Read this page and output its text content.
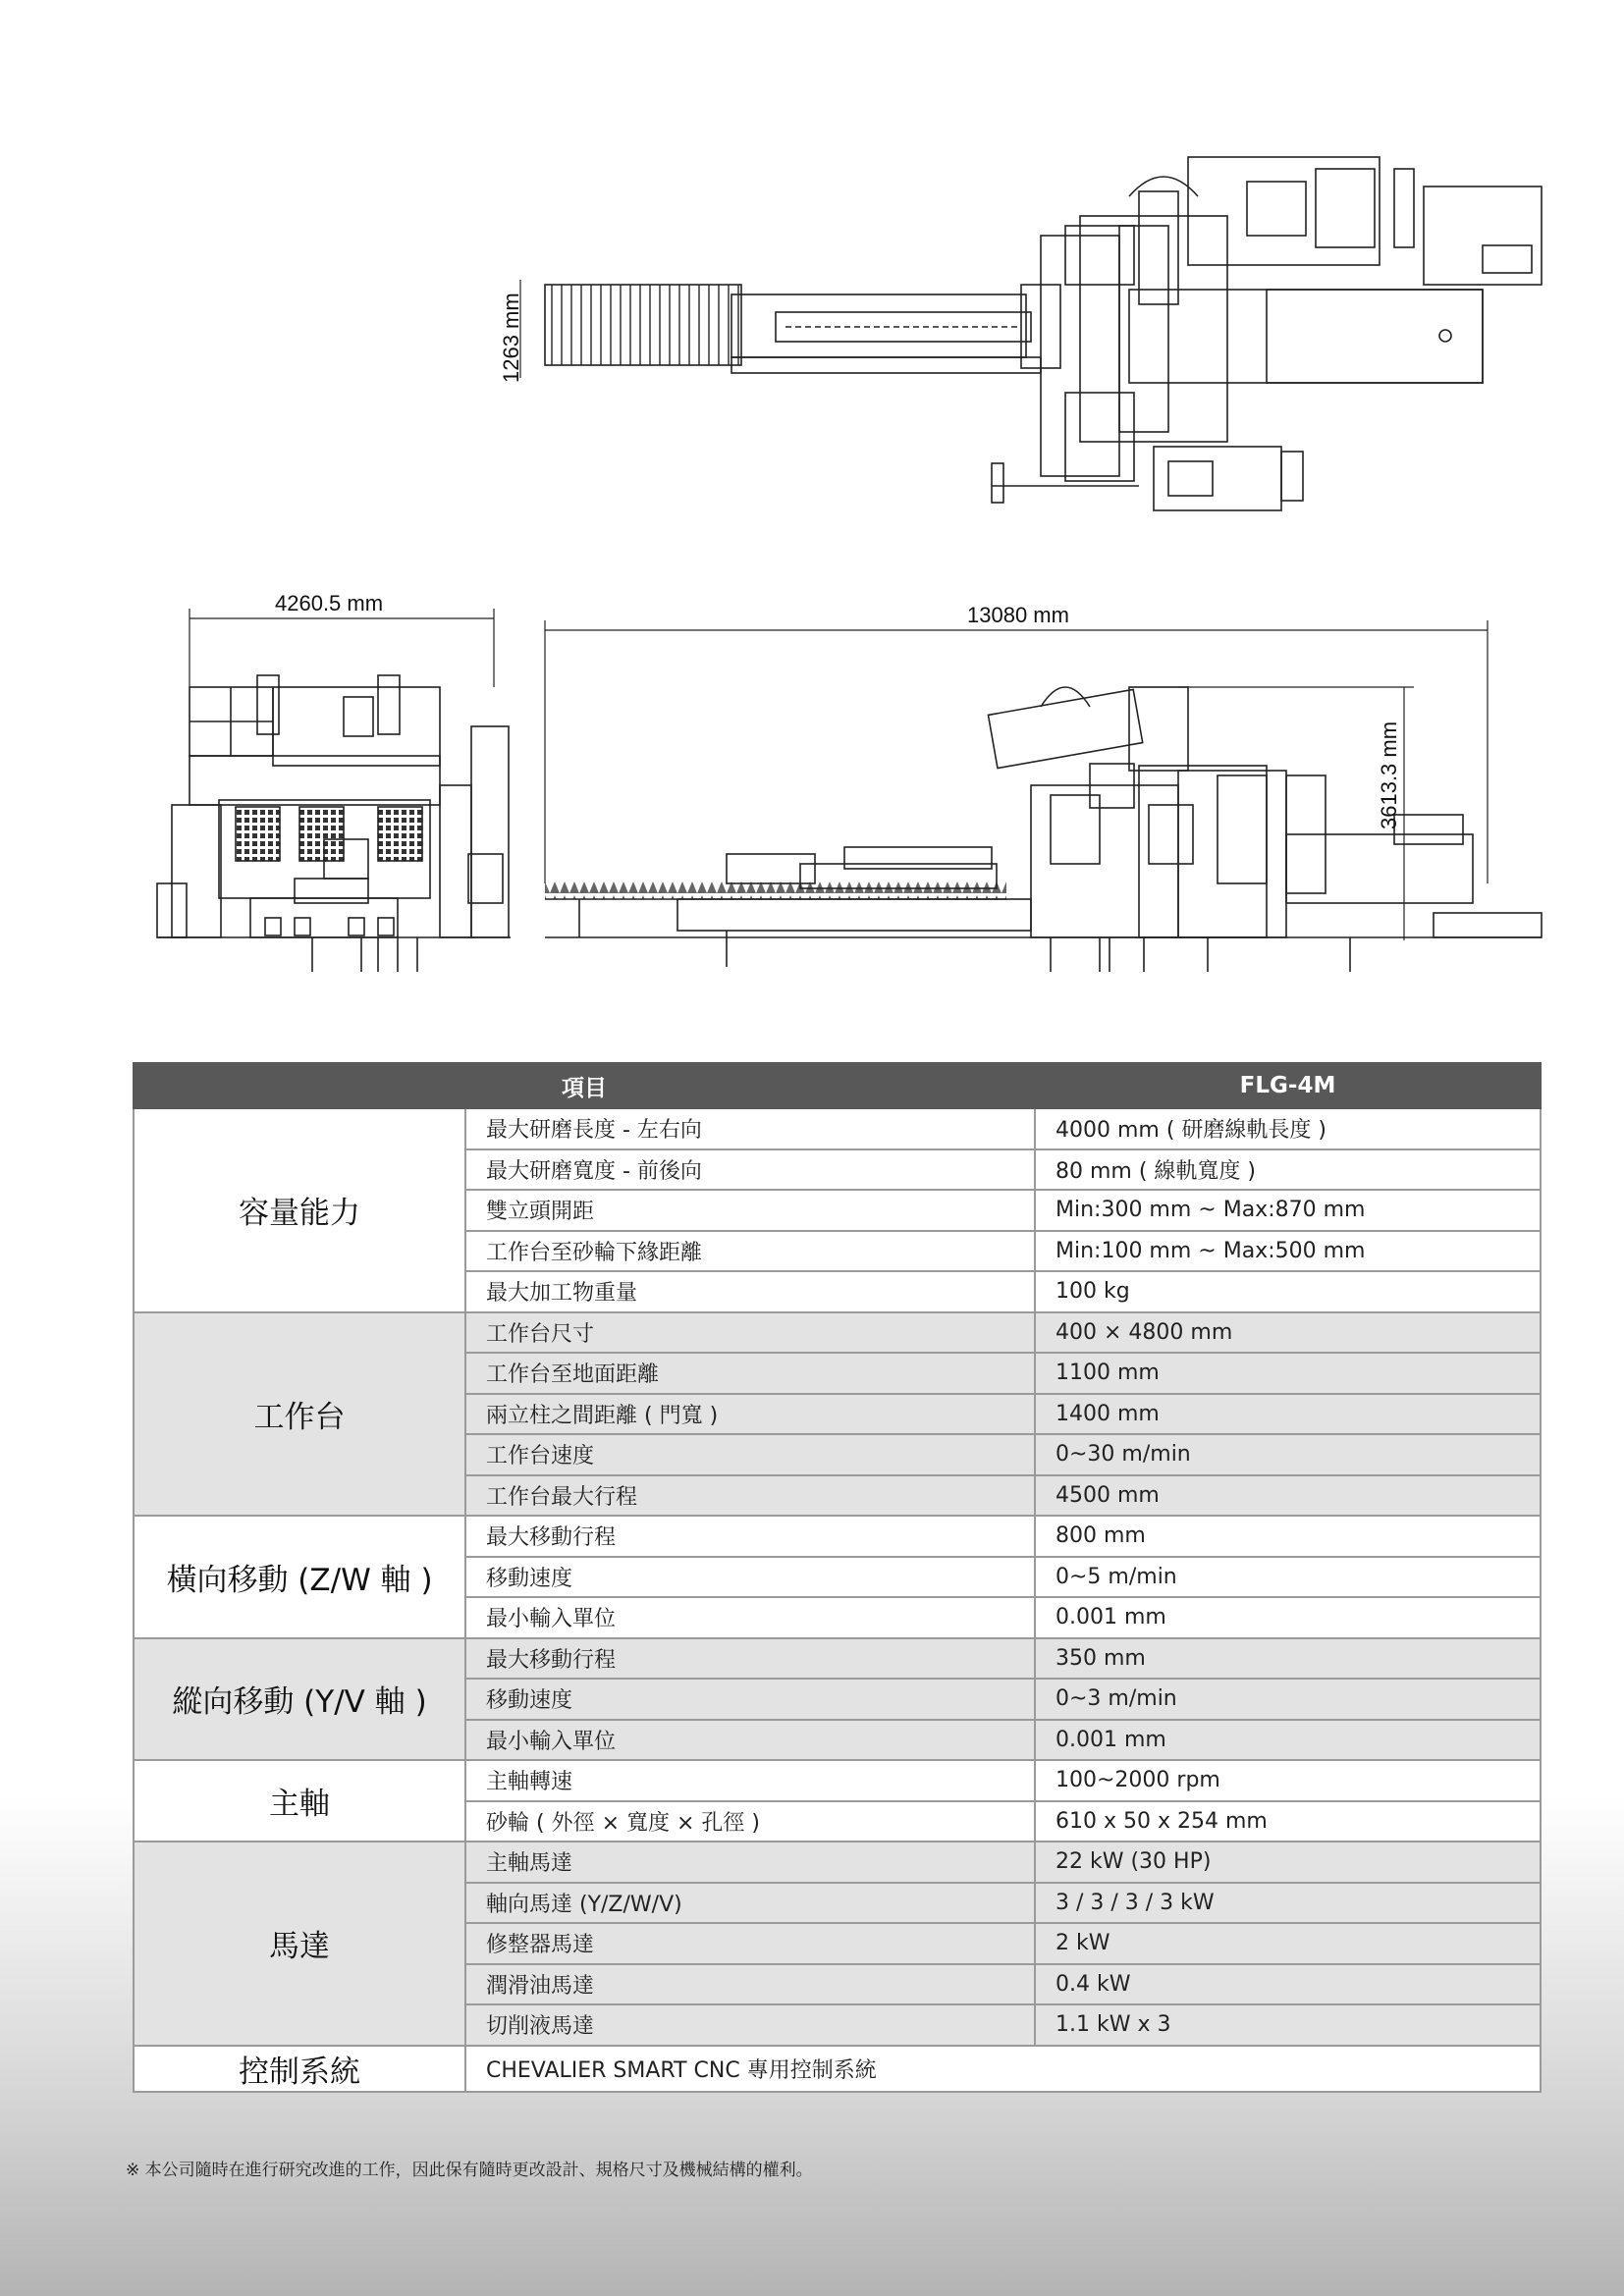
1263 mm
4260.5 mm	13080 mm
3613.3 mm
項目		FLG-4M
容量能力	最大研磨長度 - 左右向	4000 mm ( 研磨線軌長度 )
	最大研磨寬度 - 前後向	80 mm ( 線軌寬度 )
	雙立頭開距	Min:300 mm ~ Max:870 mm
	工作台至砂輪下緣距離	Min:100 mm ~ Max:500 mm
	最大加工物重量	100 kg
工作台	工作台尺寸	400 × 4800 mm
	工作台至地面距離	1100 mm
	兩立柱之間距離 ( 門寬 )	1400 mm
	工作台速度	0~30 m/min
	工作台最大行程	4500 mm
橫向移動 (Z/W 軸 )	最大移動行程	800 mm
	移動速度	0~5 m/min
	最小輸入單位	0.001 mm
縱向移動 (Y/V 軸 )	最大移動行程	350 mm
	移動速度	0~3 m/min
	最小輸入單位	0.001 mm
主軸	主軸轉速	100~2000 rpm
	砂輪 ( 外徑 × 寬度 × 孔徑 )	610 x 50 x 254 mm
馬達	主軸馬達	22 kW (30 HP)
	軸向馬達 (Y/Z/W/V)	3 / 3 / 3 / 3 kW
	修整器馬達	2 kW
	潤滑油馬達	0.4 kW
	切削液馬達	1.1 kW x 3
控制系統	CHEVALIER SMART CNC 專用控制系統	
※ 本公司隨時在進行研究改進的工作，因此保有隨時更改設計、規格尺寸及機械結構的權利。
